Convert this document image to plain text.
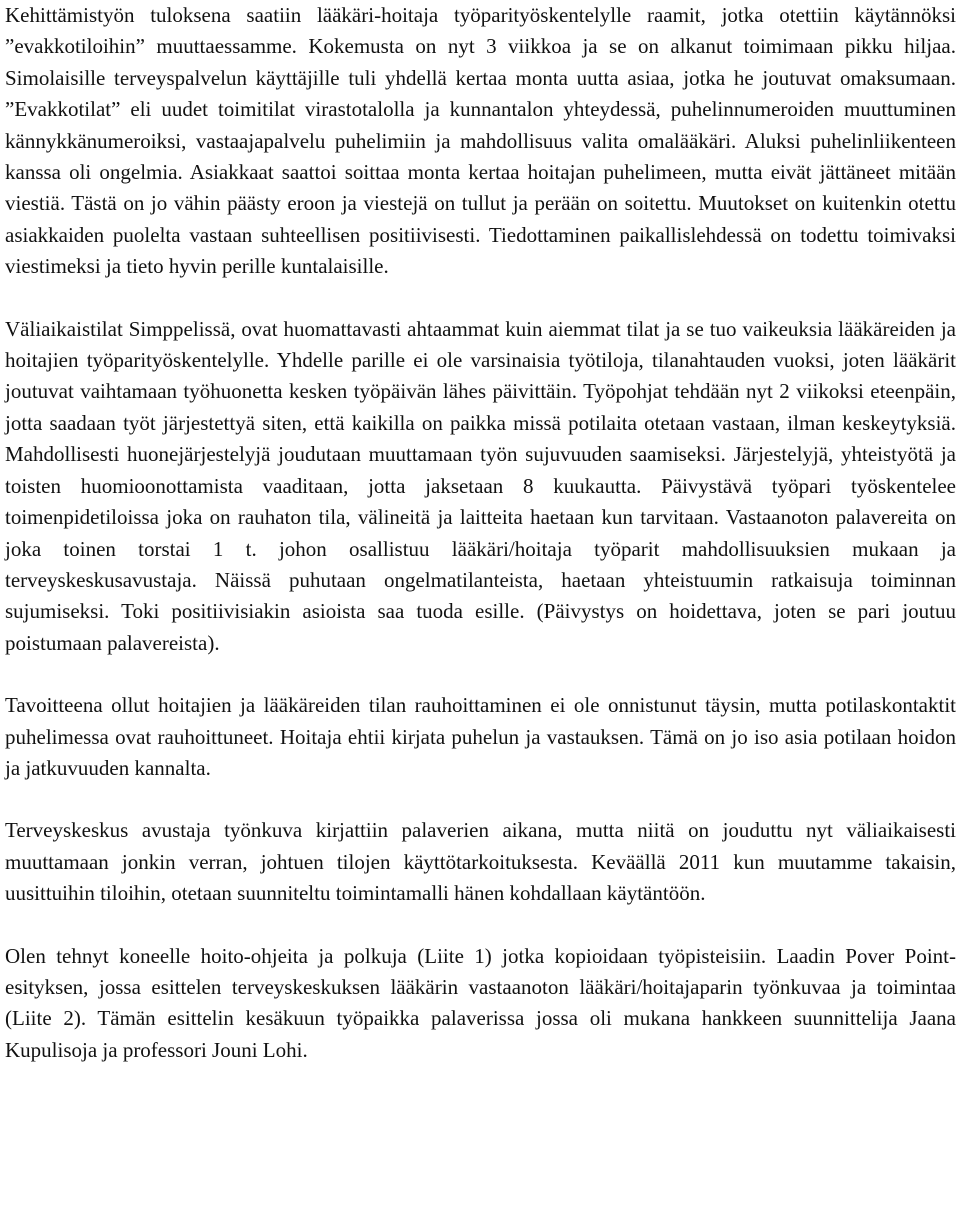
Kehittämistyön tuloksena saatiin lääkäri-hoitaja työparityöskentelylle raamit, jotka otettiin käytännöksi ”evakkotiloihin” muuttaessamme. Kokemusta on nyt 3 viikkoa ja se on alkanut toimimaan pikku hiljaa. Simolaisille terveyspalvelun käyttäjille tuli yhdellä kertaa monta uutta asiaa, jotka he joutuvat omaksumaan. ”Evakkotilat” eli uudet toimitilat virastotalolla ja kunnantalon yhteydessä, puhelinnumeroiden muuttuminen kännykkänumeroiksi, vastaajapalvelu puhelimiin ja mahdollisuus valita omalääkäri. Aluksi puhelinliikenteen kanssa oli ongelmia. Asiakkaat saattoi soittaa monta kertaa hoitajan puhelimeen, mutta eivät jättäneet mitään viestiä. Tästä on jo vähin päästy eroon ja viestejä on tullut ja perään on soitettu. Muutokset on kuitenkin otettu asiakkaiden puolelta vastaan suhteellisen positiivisesti. Tiedottaminen paikallislehdessä on todettu toimivaksi viestimeksi ja tieto hyvin perille kuntalaisille.

Väliaikaistilat Simppelissä, ovat huomattavasti ahtaammat kuin aiemmat tilat ja se tuo vaikeuksia lääkäreiden ja hoitajien työparityöskentelylle. Yhdelle parille ei ole varsinaisia työtiloja, tilanahtauden vuoksi, joten lääkärit joutuvat vaihtamaan työhuonetta kesken työpäivän lähes päivittäin. Työpohjat tehdään nyt 2 viikoksi eteenpäin, jotta saadaan työt järjestettyä siten, että kaikilla on paikka missä potilaita otetaan vastaan, ilman keskeytyksiä. Mahdollisesti huonejärjestelyjä joudutaan muuttamaan työn sujuvuuden saamiseksi. Järjestelyjä, yhteistyötä ja toisten huomioonottamista vaaditaan, jotta jaksetaan 8 kuukautta. Päivystävä työpari työskentelee toimenpidetiloissa joka on rauhaton tila, välineitä ja laitteita haetaan kun tarvitaan. Vastaanoton palavereita on joka toinen torstai 1 t. johon osallistuu lääkäri/hoitaja työparit mahdollisuuksien mukaan ja terveyskeskusavustaja. Näissä puhutaan ongelmatilanteista, haetaan yhteistuumin ratkaisuja toiminnan sujumiseksi. Toki positiivisiakin asioista saa tuoda esille. (Päivystys on hoidettava, joten se pari joutuu poistumaan palavereista).

Tavoitteena ollut hoitajien ja lääkäreiden tilan rauhoittaminen ei ole onnistunut täysin, mutta potilaskontaktit puhelimessa ovat rauhoittuneet. Hoitaja ehtii kirjata puhelun ja vastauksen. Tämä on jo iso asia potilaan hoidon ja jatkuvuuden kannalta.

Terveyskeskus avustaja työnkuva kirjattiin palaverien aikana, mutta niitä on jouduttu nyt väliaikaisesti muuttamaan jonkin verran, johtuen tilojen käyttötarkoituksesta. Keväällä 2011 kun muutamme takaisin, uusittuihin tiloihin, otetaan suunniteltu toimintamalli hänen kohdallaan käytäntöön.

Olen tehnyt koneelle hoito-ohjeita ja polkuja (Liite 1) jotka kopioidaan työpisteisiin. Laadin Pover Point- esityksen, jossa esittelen terveyskeskuksen lääkärin vastaanoton lääkäri/hoitajaparin työnkuvaa ja toimintaa (Liite 2). Tämän esittelin kesäkuun työpaikka palaverissa jossa oli mukana hankkeen suunnittelija Jaana Kupulisoja ja professori Jouni Lohi.
